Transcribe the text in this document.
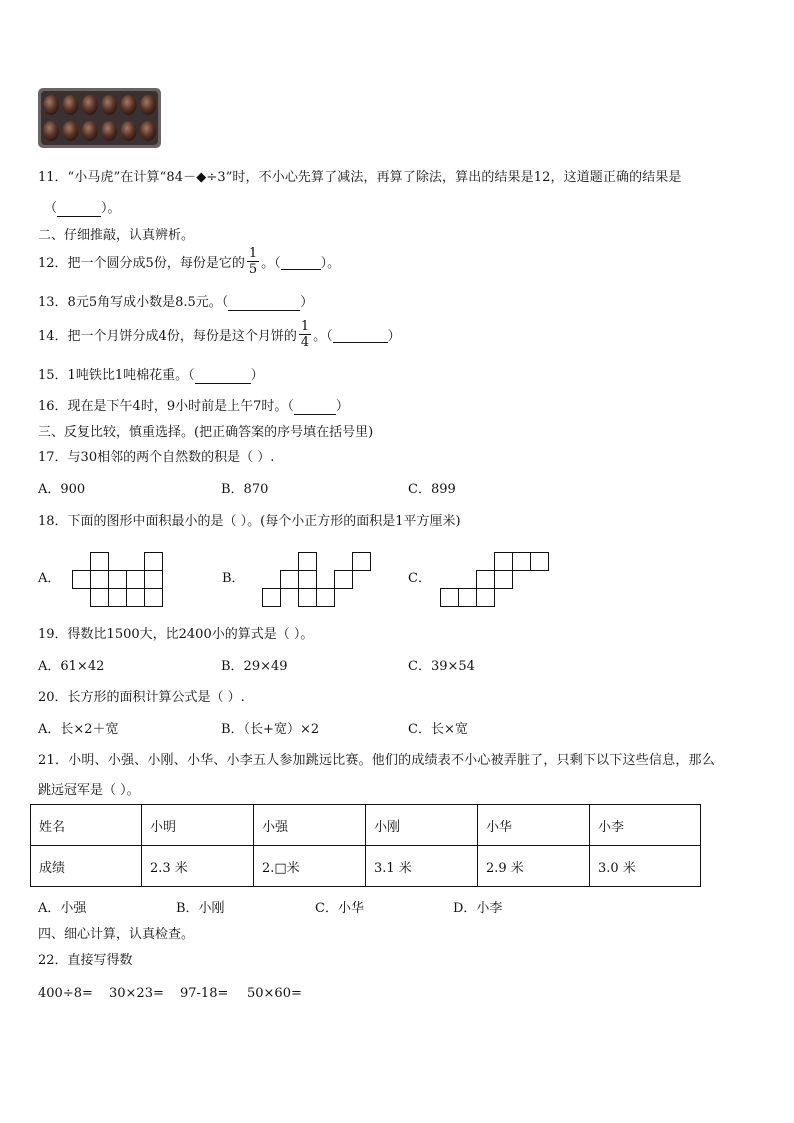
11．“小马虎”在计算“84－◆÷3”时，不小心先算了减法，再算了除法，算出的结果是12，这道题正确的结果是
（	）。
二、仔细推敲，认真辨析。
12．把一个圆分成5份，每份是它的 $\frac{1}{5}$ 。（	）。
13．8元5角写成小数是8.5元。（	）
14．把一个月饼分成4份，每份是这个月饼的 $\frac{1}{4}$ 。（	）
15．1吨铁比1吨棉花重。（	）
16．现在是下午4时，9小时前是上午7时。（	）
三、反复比较，慎重选择。(把正确答案的序号填在括号里)
17．与30相邻的两个自然数的积是（ ）.
A．900	B．870	C．899
18．下面的图形中面积最小的是（ ）。(每个小正方形的面积是1平方厘米)
A．	B．	C．
19．得数比1500大，比2400小的算式是（ ）。
A．61×42	B．29×49	C．39×54
20．长方形的面积计算公式是（ ）.
A．长×2＋宽	B．（长+宽）×2	C．长×宽
21．小明、小强、小刚、小华、小李五人参加跳远比赛。他们的成绩表不小心被弄脏了，只剩下以下这些信息，那么
跳远冠军是（ ）。
姓名	小明	小强	小刚	小华	小李
成绩	2.3 米	2.□米	3.1 米	2.9 米	3.0 米
A．小强	B．小刚	C．小华	D．小李
四、细心计算，认真检查。
22．直接写得数
400÷8= 30×23= 97-18= 50×60=
